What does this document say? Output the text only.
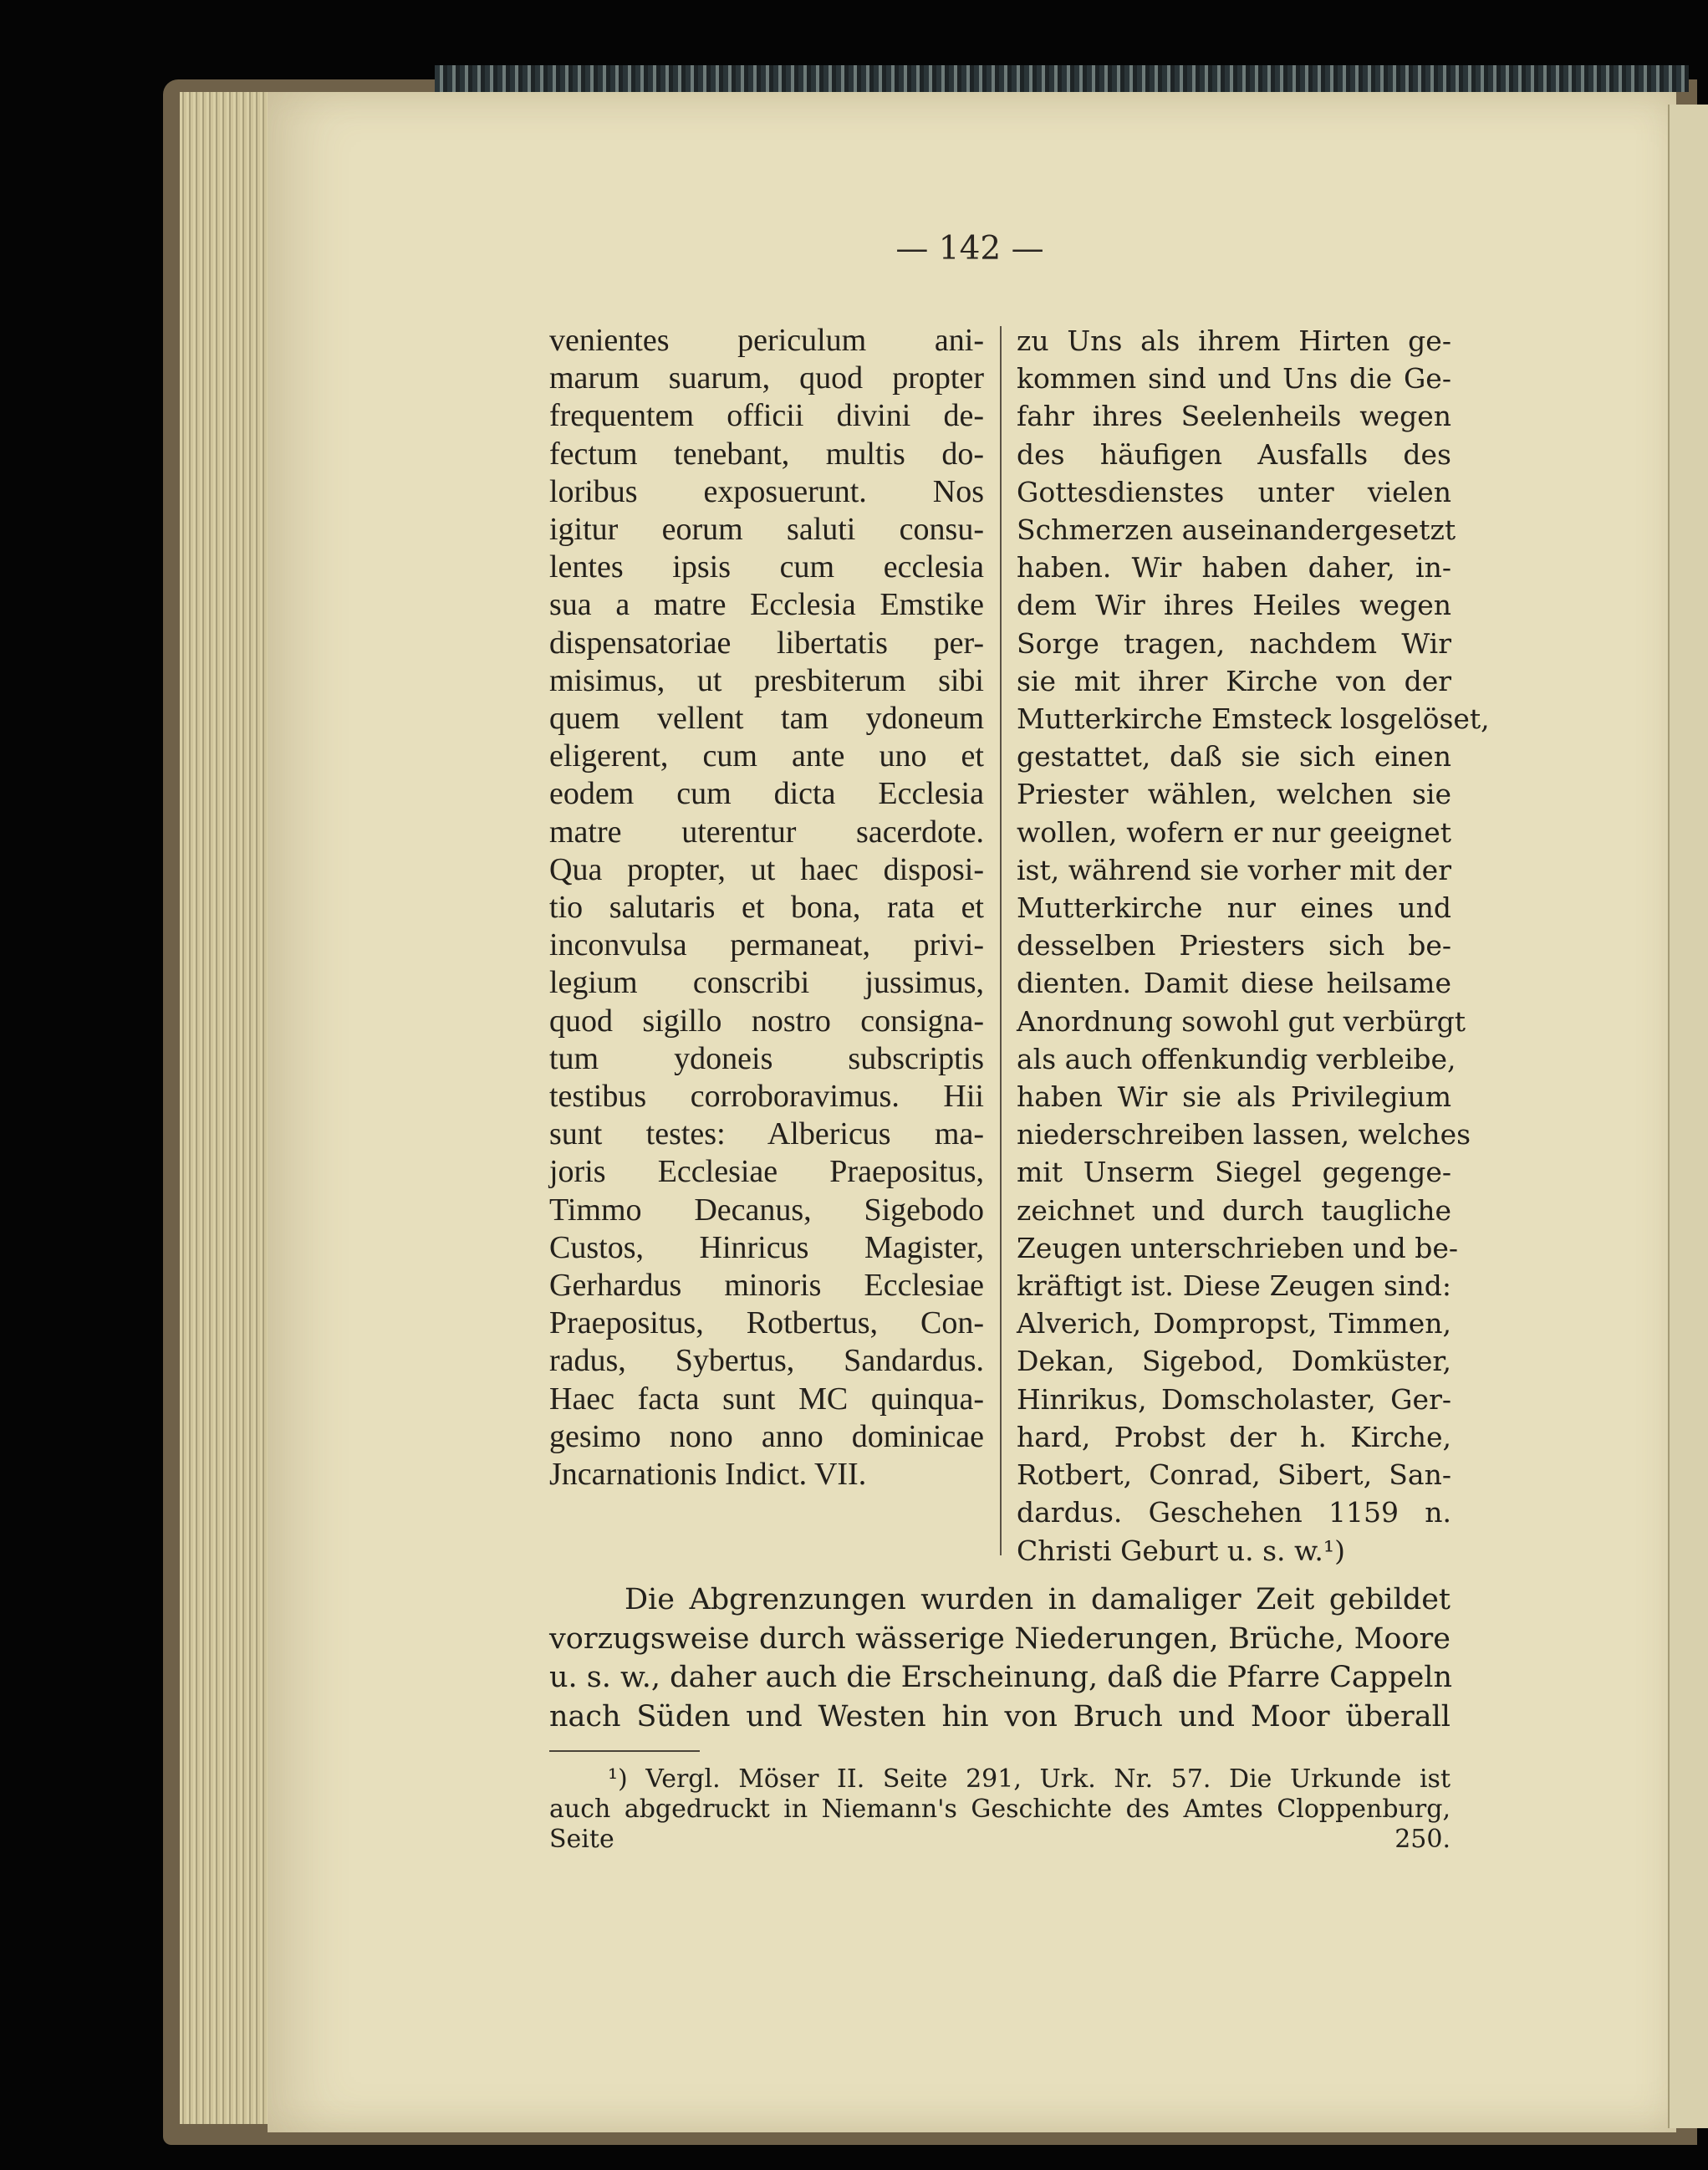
— 142 —
venientes periculum ani-
marum suarum, quod propter
frequentem officii divini de-
fectum tenebant, multis do-
loribus exposuerunt. Nos
igitur eorum saluti consu-
lentes ipsis cum ecclesia
sua a matre Ecclesia Emstike
dispensatoriae libertatis per-
misimus, ut presbiterum sibi
quem vellent tam ydoneum
eligerent, cum ante uno et
eodem cum dicta Ecclesia
matre uterentur sacerdote.
Qua propter, ut haec disposi-
tio salutaris et bona, rata et
inconvulsa permaneat, privi-
legium conscribi jussimus,
quod sigillo nostro consigna-
tum ydoneis subscriptis
testibus corroboravimus. Hii
sunt testes: Albericus ma-
joris Ecclesiae Praepositus,
Timmo Decanus, Sigebodo
Custos, Hinricus Magister,
Gerhardus minoris Ecclesiae
Praepositus, Rotbertus, Con-
radus, Sybertus, Sandardus.
Haec facta sunt MC quinqua-
gesimo nono anno dominicae
Jncarnationis Indict. VII.
zu Uns als ihrem Hirten ge-
kommen sind und Uns die Ge-
fahr ihres Seelenheils wegen
des häufigen Ausfalls des
Gottesdienstes unter vielen
Schmerzen auseinandergesetzt
haben. Wir haben daher, in-
dem Wir ihres Heiles wegen
Sorge tragen, nachdem Wir
sie mit ihrer Kirche von der
Mutterkirche Emsteck losgelöset,
gestattet, daß sie sich einen
Priester wählen, welchen sie
wollen, wofern er nur geeignet
ist, während sie vorher mit der
Mutterkirche nur eines und
desselben Priesters sich be-
dienten. Damit diese heilsame
Anordnung sowohl gut verbürgt
als auch offenkundig verbleibe,
haben Wir sie als Privilegium
niederschreiben lassen, welches
mit Unserm Siegel gegenge-
zeichnet und durch taugliche
Zeugen unterschrieben und be-
kräftigt ist. Diese Zeugen sind:
Alverich, Dompropst, Timmen,
Dekan, Sigebod, Domküster,
Hinrikus, Domscholaster, Ger-
hard, Probst der h. Kirche,
Rotbert, Conrad, Sibert, San-
dardus. Geschehen 1159 n.
Christi Geburt u. s. w.¹)
Die Abgrenzungen wurden in damaliger Zeit gebildet
vorzugsweise durch wässerige Niederungen, Brüche, Moore
u. s. w., daher auch die Erscheinung, daß die Pfarre Cappeln
nach Süden und Westen hin von Bruch und Moor überall
¹) Vergl. Möser II. Seite 291, Urk. Nr. 57. Die Urkunde ist
auch abgedruckt in Niemann's Geschichte des Amtes Cloppenburg,
Seite 250.
